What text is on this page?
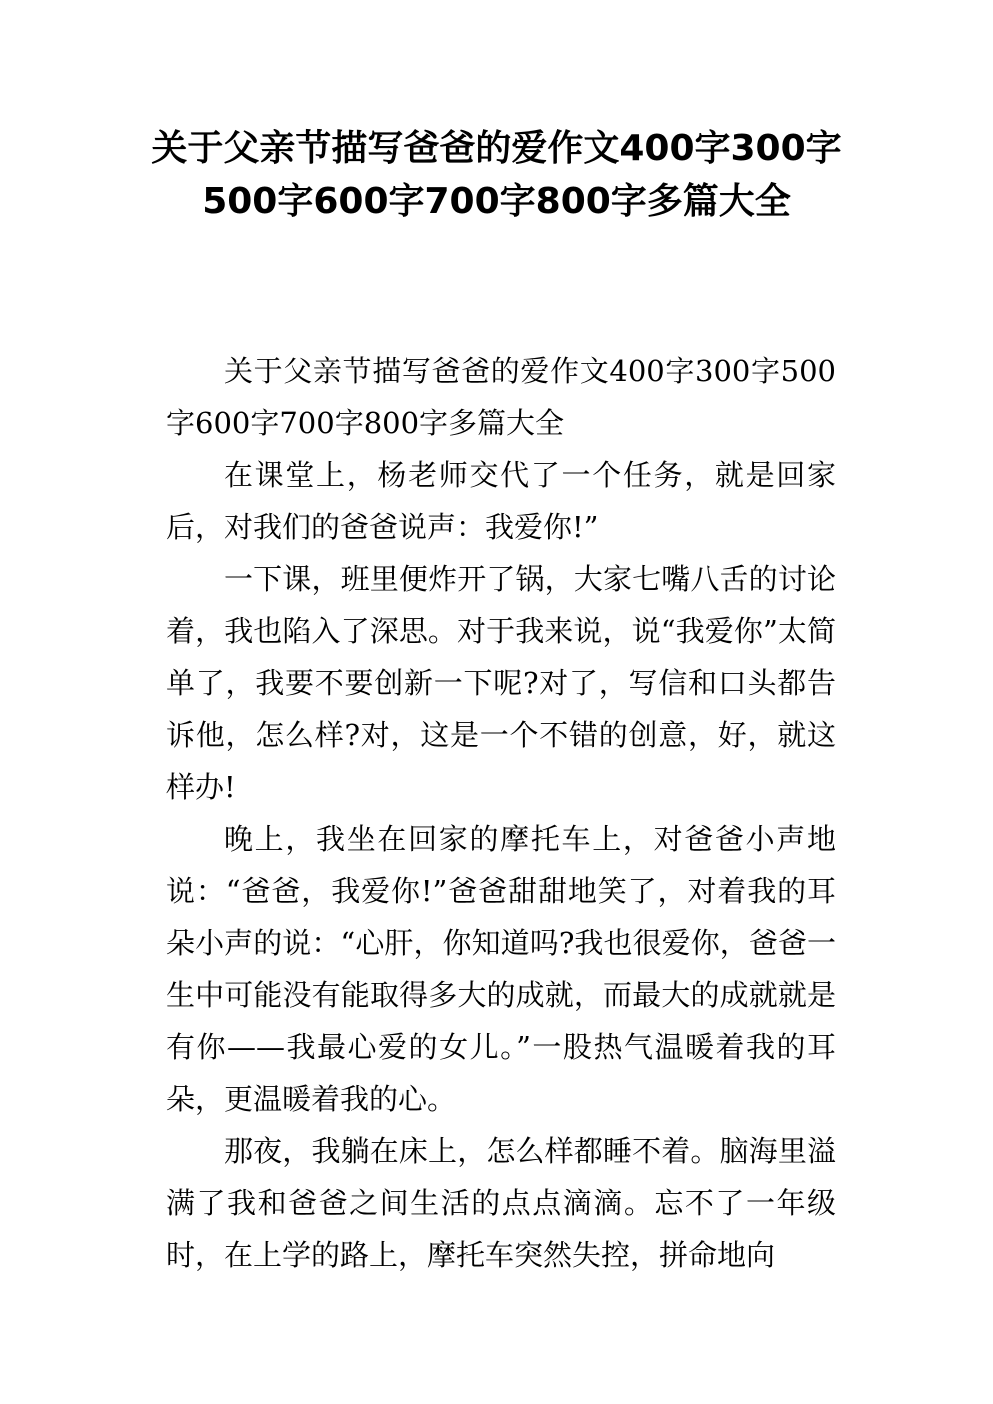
关于父亲节描写爸爸的爱作文400字300字500字600字700字800字多篇大全

关于父亲节描写爸爸的爱作文400字300字500字600字700字800字多篇大全

在课堂上，杨老师交代了一个任务，就是回家后，对我们的爸爸说声：我爱你!”

一下课，班里便炸开了锅，大家七嘴八舌的讨论着，我也陷入了深思。对于我来说，说“我爱你”太简单了，我要不要创新一下呢?对了，写信和口头都告诉他，怎么样?对，这是一个不错的创意，好，就这样办!

晚上，我坐在回家的摩托车上，对爸爸小声地说：“爸爸，我爱你!”爸爸甜甜地笑了，对着我的耳朵小声的说：“心肝，你知道吗?我也很爱你，爸爸一生中可能没有能取得多大的成就，而最大的成就就是有你——我最心爱的女儿。”一股热气温暖着我的耳朵，更温暖着我的心。

那夜，我躺在床上，怎么样都睡不着。脑海里溢满了我和爸爸之间生活的点点滴滴。忘不了一年级时，在上学的路上，摩托车突然失控，拼命地向
